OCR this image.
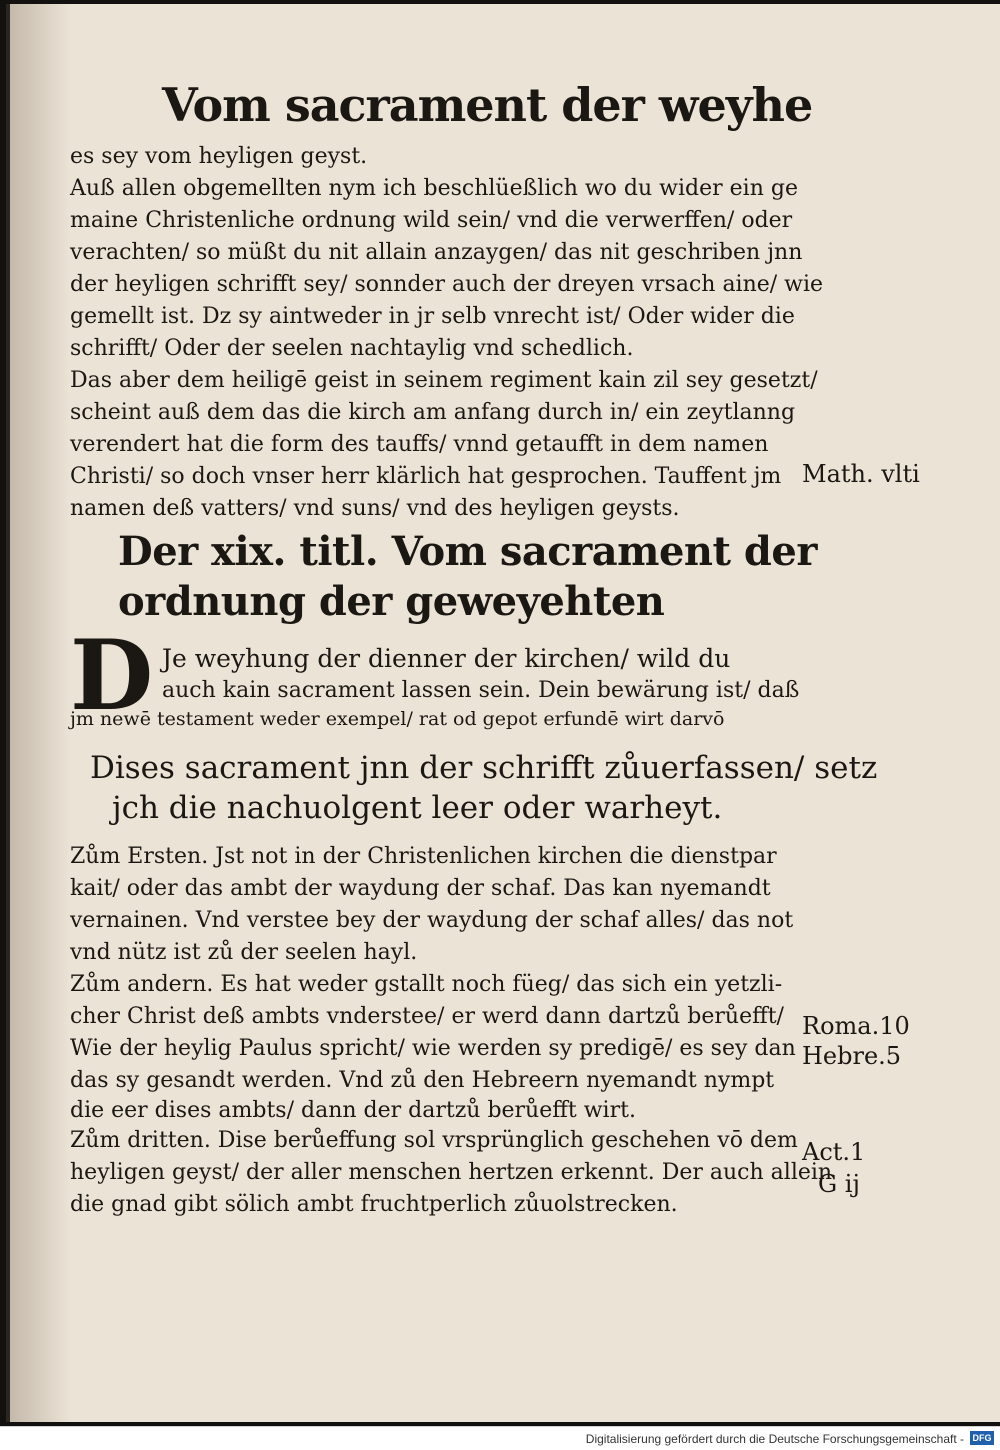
Vom sacrament der weyhe
es sey vom heyligen geyst.
Auß allen obgemellten nym ich beschlüeßlich wo du wider ein ge
maine Christenliche ordnung wild sein/ vnd die verwerffen/ oder
verachten/ so müßt du nit allain anzaygen/ das nit geschriben jnn
der heyligen schrifft sey/ sonnder auch der dreyen vrsach aine/ wie
gemellt ist. Dz sy aintweder in jr selb vnrecht ist/ Oder wider die
schrifft/ Oder der seelen nachtaylig vnd schedlich.
Das aber dem heiligē geist in seinem regiment kain zil sey gesetzt/
scheint auß dem das die kirch am anfang durch in/ ein zeytlanng
verendert hat die form des tauffs/ vnnd getaufft in dem namen
Christi/ so doch vnser herr klärlich hat gesprochen. Tauffent jm
namen deß vatters/ vnd suns/ vnd des heyligen geysts.
Der xix. titl. Vom sacrament der
ordnung der geweyehten
D Je weyhung der dienner der kirchen/ wild du
auch kain sacrament lassen sein. Dein bewärung ist/ daß
jm newē testament weder exempel/ rat od gepot erfundē wirt darvō
Dises sacrament jnn der schrifft zůuerfassen/ setz
jch die nachuolgent leer oder warheyt.
Zům Ersten. Jst not in der Christenlichen kirchen die dienstpar
kait/ oder das ambt der waydung der schaf. Das kan nyemandt
vernainen. Vnd verstee bey der waydung der schaf alles/ das not
vnd nütz ist zů der seelen hayl.
Zům andern. Es hat weder gstallt noch füeg/ das sich ein yetzli-
cher Christ deß ambts vnderstee/ er werd dann dartzů berůefft/
Wie der heylig Paulus spricht/ wie werden sy predigē/ es sey dan
das sy gesandt werden. Vnd zů den Hebreern nyemandt nympt
die eer dises ambts/ dann der dartzů berůefft wirt.
Zům dritten. Dise berůeffung sol vrsprünglich geschehen vō dem
heyligen geyst/ der aller menschen hertzen erkennt. Der auch allein
die gnad gibt sölich ambt fruchtperlich zůuolstrecken.
Math. vlti
Roma.10
Hebre.5
Act.1
G ij
Digitalisierung gefördert durch die Deutsche Forschungsgemeinschaft - DFG
